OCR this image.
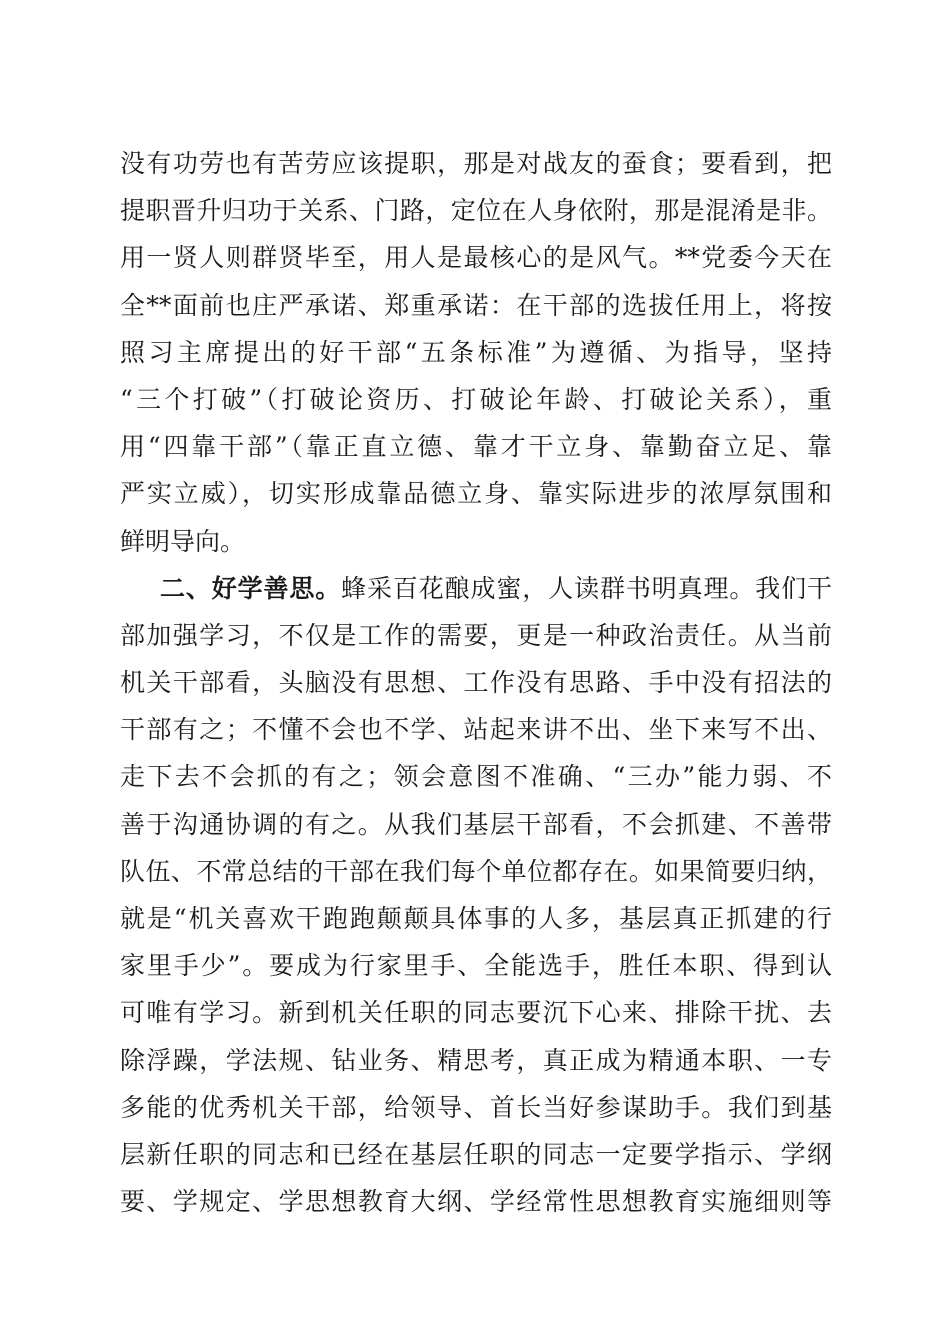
没有功劳也有苦劳应该提职，那是对战友的蚕食；要看到，把
提职晋升归功于关系、门路，定位在人身依附，那是混淆是非。
用一贤人则群贤毕至，用人是最核心的是风气。**党委今天在
全**面前也庄严承诺、郑重承诺：在干部的选拔任用上，将按
照习主席提出的好干部“五条标准”为遵循、为指导，坚持
“三个打破”（打破论资历、打破论年龄、打破论关系），重
用“四靠干部”（靠正直立德、靠才干立身、靠勤奋立足、靠
严实立威），切实形成靠品德立身、靠实际进步的浓厚氛围和
鲜明导向。
二、好学善思。蜂采百花酿成蜜，人读群书明真理。我们干
部加强学习，不仅是工作的需要，更是一种政治责任。从当前
机关干部看，头脑没有思想、工作没有思路、手中没有招法的
干部有之；不懂不会也不学、站起来讲不出、坐下来写不出、
走下去不会抓的有之；领会意图不准确、“三办”能力弱、不
善于沟通协调的有之。从我们基层干部看，不会抓建、不善带
队伍、不常总结的干部在我们每个单位都存在。如果简要归纳，
就是“机关喜欢干跑跑颠颠具体事的人多，基层真正抓建的行
家里手少”。要成为行家里手、全能选手，胜任本职、得到认
可唯有学习。新到机关任职的同志要沉下心来、排除干扰、去
除浮躁，学法规、钻业务、精思考，真正成为精通本职、一专
多能的优秀机关干部，给领导、首长当好参谋助手。我们到基
层新任职的同志和已经在基层任职的同志一定要学指示、学纲
要、学规定、学思想教育大纲、学经常性思想教育实施细则等
